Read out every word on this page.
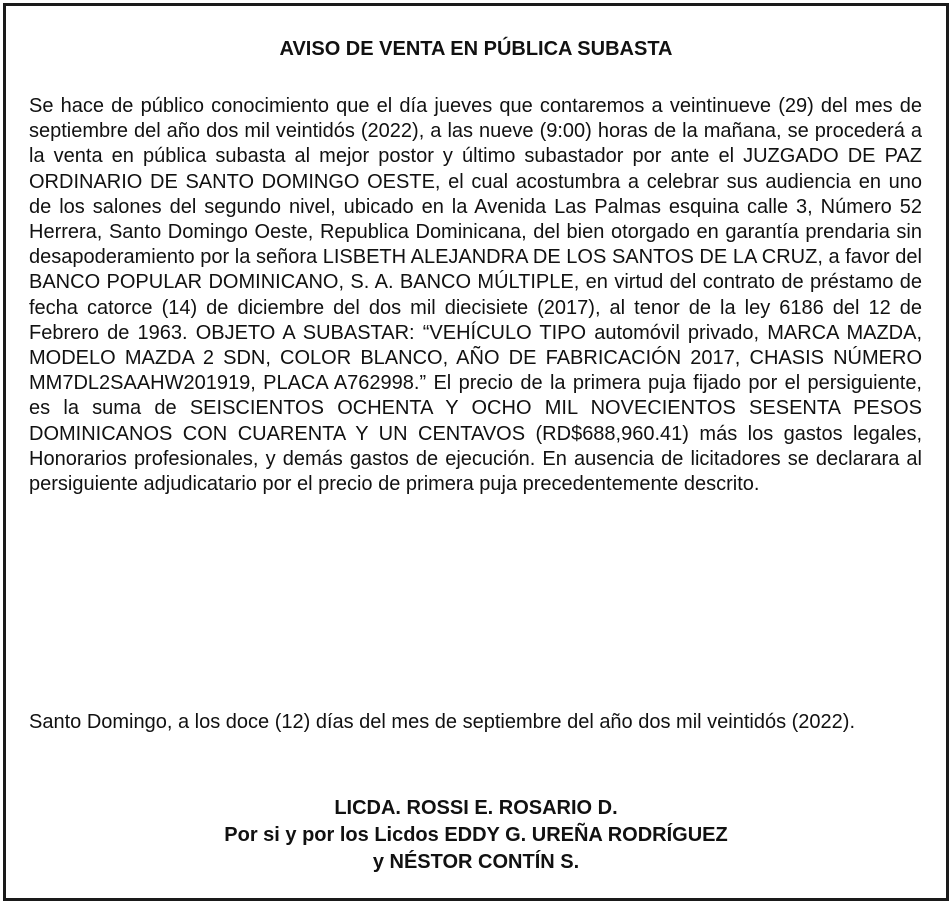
AVISO DE VENTA EN PÚBLICA SUBASTA

Se hace de público conocimiento que el día jueves que contaremos a veintinueve (29) del mes de septiembre del año dos mil veintidós (2022), a las nueve (9:00) horas de la mañana, se procederá a la venta en pública subasta al mejor postor y último subastador por ante el JUZGADO DE PAZ ORDINARIO DE SANTO DOMINGO OESTE, el cual acostumbra a celebrar sus audiencia en uno de los salones del segundo nivel, ubicado en la Avenida Las Palmas esquina calle 3, Número 52 Herrera, Santo Domingo Oeste, Republica Dominicana, del bien otorgado en garantía prendaria sin desapoderamiento por la señora LISBETH ALEJANDRA DE LOS SANTOS DE LA CRUZ, a favor del BANCO POPULAR DOMINICANO, S. A. BANCO MÚLTIPLE, en virtud del contrato de préstamo de fecha catorce (14) de diciembre del dos mil diecisiete (2017), al tenor de la ley 6186 del 12 de Febrero de 1963. OBJETO A SUBASTAR: “VEHÍCULO TIPO automóvil privado, MARCA MAZDA, MODELO MAZDA 2 SDN, COLOR BLANCO, AÑO DE FABRICACIÓN 2017, CHASIS NÚMERO MM7DL2SAAHW201919, PLACA A762998.” El precio de la primera puja fijado por el persiguiente, es la suma de SEISCIENTOS OCHENTA Y OCHO MIL NOVECIENTOS SESENTA PESOS DOMINICANOS CON CUARENTA Y UN CENTAVOS (RD$688,960.41) más los gastos legales, Honorarios profesionales, y demás gastos de ejecución. En ausencia de licitadores se declarara al persiguiente adjudicatario por el precio de primera puja precedentemente descrito.

Santo Domingo, a los doce (12) días del mes de septiembre del año dos mil veintidós (2022).

LICDA. ROSSI E. ROSARIO D.
Por si y por los Licdos EDDY G. UREÑA RODRÍGUEZ
y NÉSTOR CONTÍN S.
